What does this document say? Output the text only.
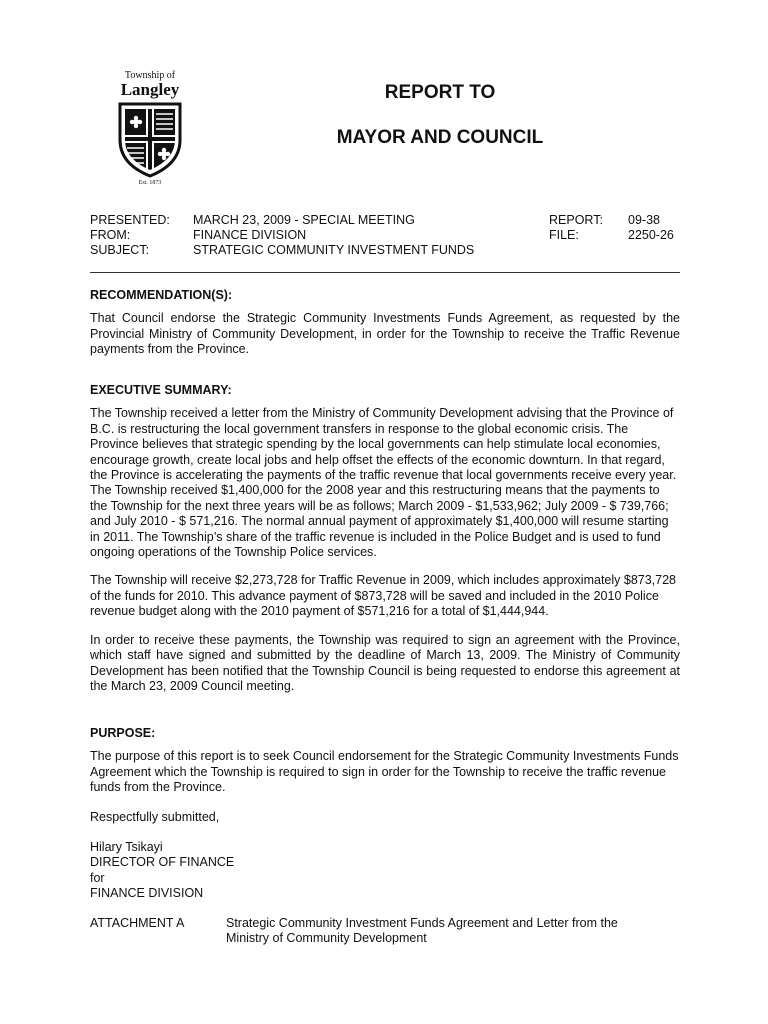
Township of
Langley
Est. 1873
REPORT TO
MAYOR AND COUNCIL
PRESENTED: MARCH 23, 2009 - SPECIAL MEETING
FROM:	FINANCE DIVISION
SUBJECT:	STRATEGIC COMMUNITY INVESTMENT FUNDS
REPORT: 09-38
FILE:	2250-26
RECOMMENDATION(S):

That Council endorse the Strategic Community Investments Funds Agreement, as requested by the Provincial Ministry of Community Development, in order for the Township to receive the Traffic Revenue payments from the Province.

EXECUTIVE SUMMARY:

The Township received a letter from the Ministry of Community Development advising that the Province of B.C. is restructuring the local government transfers in response to the global economic crisis. The Province believes that strategic spending by the local governments can help stimulate local economies, encourage growth, create local jobs and help offset the effects of the economic downturn. In that regard, the Province is accelerating the payments of the traffic revenue that local governments receive every year. The Township received $1,400,000 for the 2008 year and this restructuring means that the payments to the Township for the next three years will be as follows; March 2009 - $1,533,962; July 2009 - $ 739,766; and July 2010 - $ 571,216. The normal annual payment of approximately $1,400,000 will resume starting in 2011. The Township’s share of the traffic revenue is included in the Police Budget and is used to fund ongoing operations of the Township Police services.

The Township will receive $2,273,728 for Traffic Revenue in 2009, which includes approximately $873,728 of the funds for 2010. This advance payment of $873,728 will be saved and included in the 2010 Police revenue budget along with the 2010 payment of $571,216 for a total of $1,444,944.

In order to receive these payments, the Township was required to sign an agreement with the Province, which staff have signed and submitted by the deadline of March 13, 2009. The Ministry of Community Development has been notified that the Township Council is being requested to endorse this agreement at the March 23, 2009 Council meeting.

PURPOSE:

The purpose of this report is to seek Council endorsement for the Strategic Community Investments Funds Agreement which the Township is required to sign in order for the Township to receive the traffic revenue funds from the Province.

Respectfully submitted,
Hilary Tsikayi
DIRECTOR OF FINANCE
for
FINANCE DIVISION
ATTACHMENT A	Strategic Community Investment Funds Agreement and Letter from the
Ministry of Community Development
